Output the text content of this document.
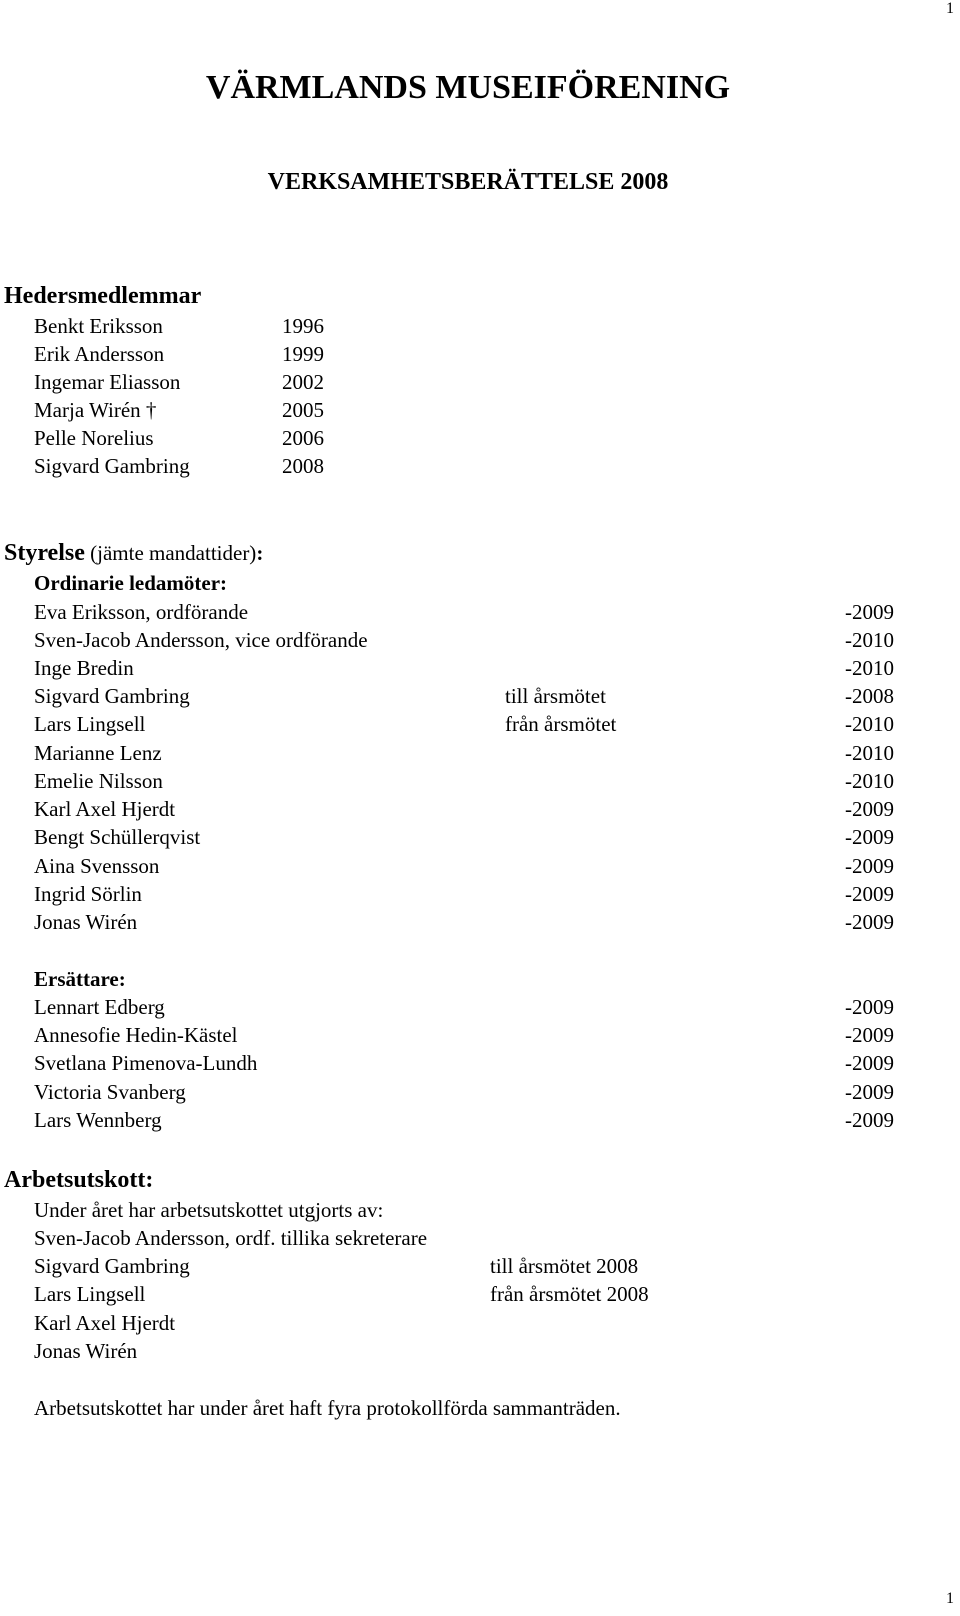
1
1
VÄRMLANDS MUSEIFÖRENING
VERKSAMHETSBERÄTTELSE 2008
Hedersmedlemmar
Benkt Eriksson	1996
Erik Andersson	1999
Ingemar Eliasson	2002
Marja Wirén †	2005
Pelle Norelius	2006
Sigvard Gambring	2008
Styrelse (jämte mandattider):
Ordinarie ledamöter:
Eva Eriksson, ordförande	-2009
Sven-Jacob Andersson, vice ordförande	-2010
Inge Bredin	-2010
Sigvard Gambring	till årsmötet	-2008
Lars Lingsell	från årsmötet	-2010
Marianne Lenz	-2010
Emelie Nilsson	-2010
Karl Axel Hjerdt	-2009
Bengt Schüllerqvist	-2009
Aina Svensson	-2009
Ingrid Sörlin	-2009
Jonas Wirén	-2009
Ersättare:
Lennart Edberg	-2009
Annesofie Hedin-Kästel	-2009
Svetlana Pimenova-Lundh	-2009
Victoria Svanberg	-2009
Lars Wennberg	-2009
Arbetsutskott:
Under året har arbetsutskottet utgjorts av:
Sven-Jacob Andersson, ordf. tillika sekreterare
Sigvard Gambring	till årsmötet 2008
Lars Lingsell	från årsmötet 2008
Karl Axel Hjerdt
Jonas Wirén
Arbetsutskottet har under året haft fyra protokollförda sammanträden.
